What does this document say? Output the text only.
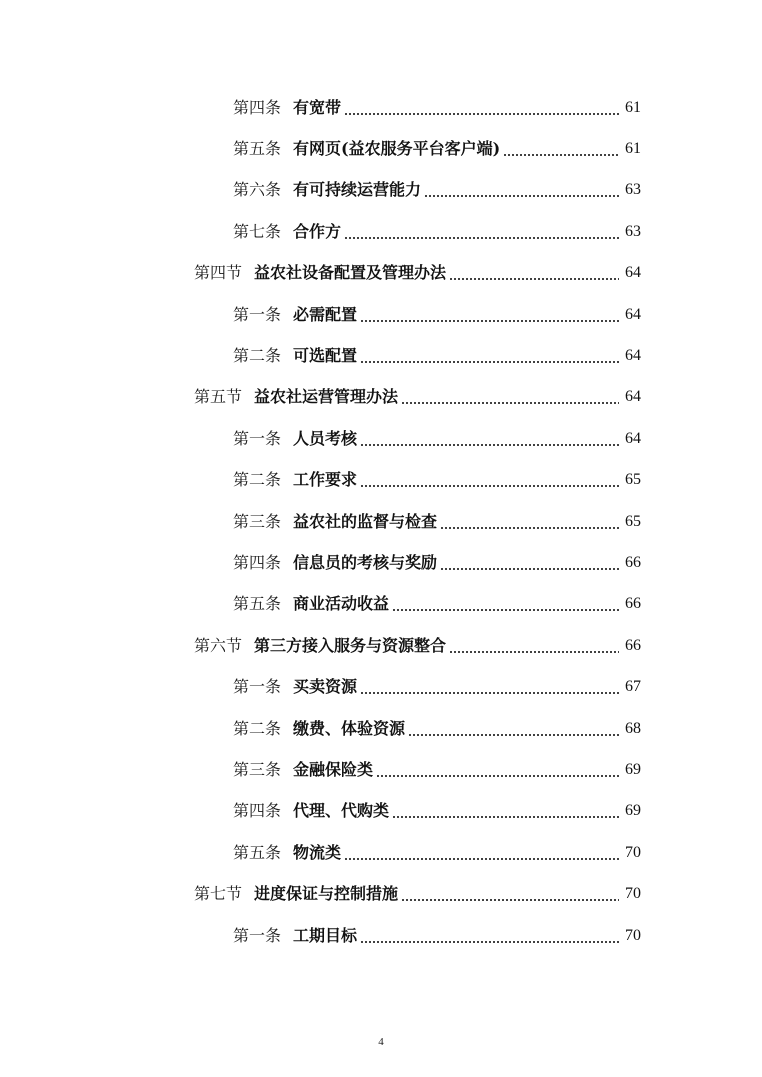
第四条 有宽带	61
第五条 有网页(益农服务平台客户端)	61
第六条 有可持续运营能力	63
第七条 合作方	63
第四节 益农社设备配置及管理办法	64
第一条 必需配置	64
第二条 可选配置	64
第五节 益农社运营管理办法	64
第一条 人员考核	64
第二条 工作要求	65
第三条 益农社的监督与检查	65
第四条 信息员的考核与奖励	66
第五条 商业活动收益	66
第六节 第三方接入服务与资源整合	66
第一条 买卖资源	67
第二条 缴费、体验资源	68
第三条 金融保险类	69
第四条 代理、代购类	69
第五条 物流类	70
第七节 进度保证与控制措施	70
第一条 工期目标	70
4
